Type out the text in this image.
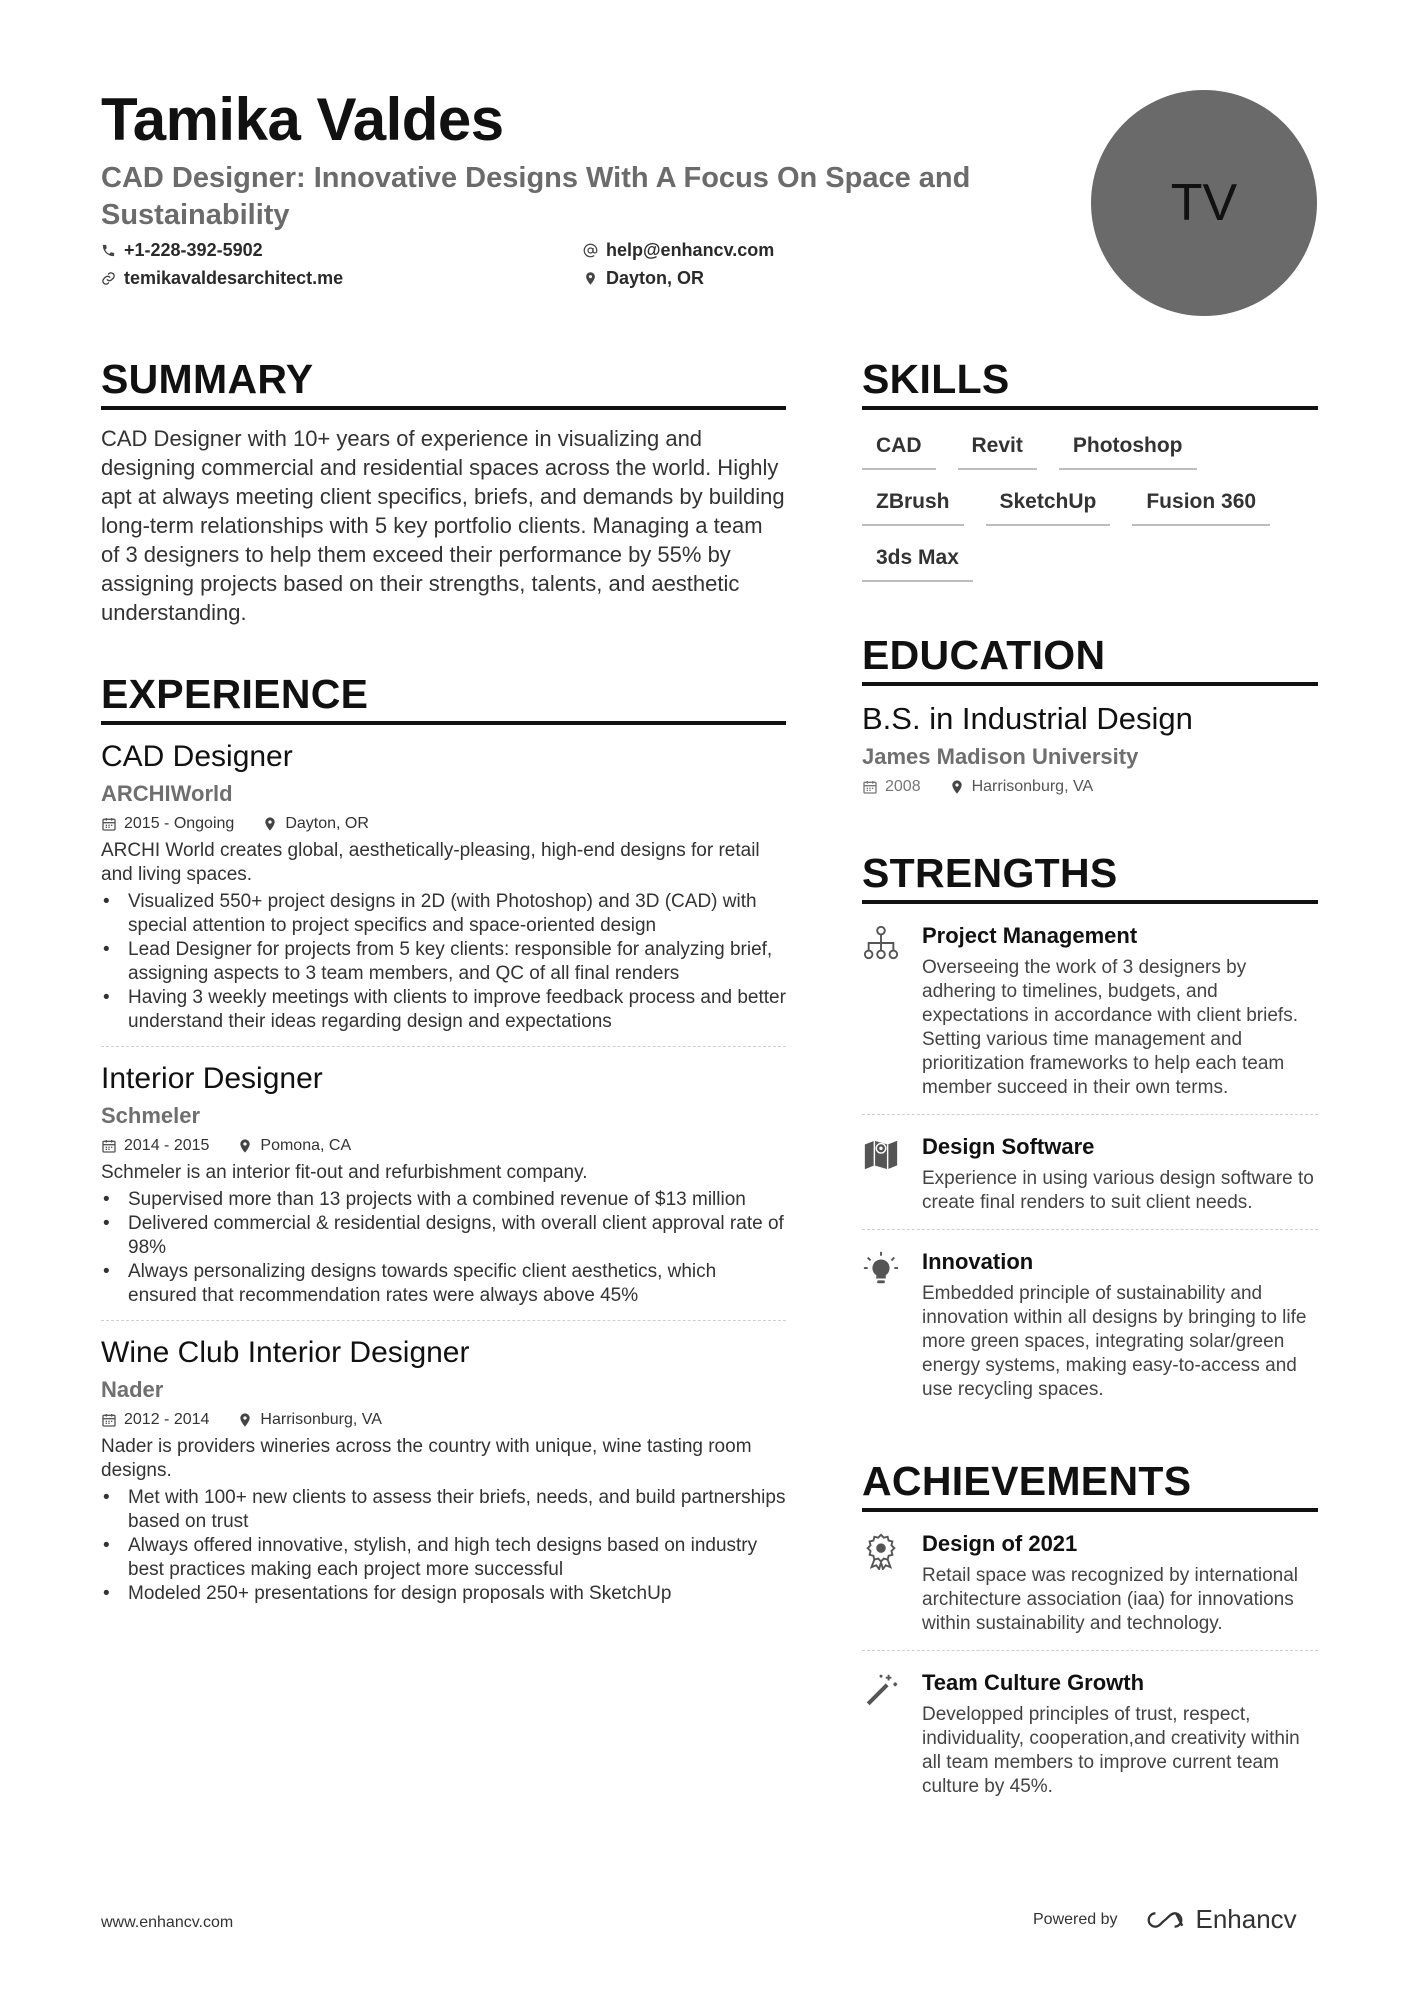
Tamika Valdes
CAD Designer: Innovative Designs With A Focus On Space and Sustainability
+1-228-392-5902	help@enhancv.com
temikavaldesarchitect.me	Dayton, OR
TV
SUMMARY

CAD Designer with 10+ years of experience in visualizing and designing commercial and residential spaces across the world. Highly apt at always meeting client specifics, briefs, and demands by building long-term relationships with 5 key portfolio clients. Managing a team of 3 designers to help them exceed their performance by 55% by assigning projects based on their strengths, talents, and aesthetic understanding.

EXPERIENCE
CAD Designer
ARCHIWorld
2015 - Ongoing	Dayton, OR
ARCHI World creates global, aesthetically-pleasing, high-end designs for retail and living spaces.
• Visualized 550+ project designs in 2D (with Photoshop) and 3D (CAD) with special attention to project specifics and space-oriented design
• Lead Designer for projects from 5 key clients: responsible for analyzing brief, assigning aspects to 3 team members, and QC of all final renders
• Having 3 weekly meetings with clients to improve feedback process and better understand their ideas regarding design and expectations
Interior Designer
Schmeler
2014 - 2015	Pomona, CA
Schmeler is an interior fit-out and refurbishment company.
• Supervised more than 13 projects with a combined revenue of $13 million
• Delivered commercial & residential designs, with overall client approval rate of 98%
• Always personalizing designs towards specific client aesthetics, which ensured that recommendation rates were always above 45%
Wine Club Interior Designer
Nader
2012 - 2014	Harrisonburg, VA
Nader is providers wineries across the country with unique, wine tasting room designs.
• Met with 100+ new clients to assess their briefs, needs, and build partnerships based on trust
• Always offered innovative, stylish, and high tech designs based on industry best practices making each project more successful
• Modeled 250+ presentations for design proposals with SketchUp
SKILLS
CAD	Revit	Photoshop
ZBrush	SketchUp	Fusion 360
3ds Max
EDUCATION
B.S. in Industrial Design
James Madison University
2008	Harrisonburg, VA
STRENGTHS
Project Management
Overseeing the work of 3 designers by adhering to timelines, budgets, and expectations in accordance with client briefs. Setting various time management and prioritization frameworks to help each team member succeed in their own terms.
Design Software
Experience in using various design software to create final renders to suit client needs.
Innovation
Embedded principle of sustainability and innovation within all designs by bringing to life more green spaces, integrating solar/green energy systems, making easy-to-access and use recycling spaces.
ACHIEVEMENTS
Design of 2021
Retail space was recognized by international architecture association (iaa) for innovations within sustainability and technology.
Team Culture Growth
Developped principles of trust, respect, individuality, cooperation,and creativity within all team members to improve current team culture by 45%.
www.enhancv.com	Powered by	Enhancv
